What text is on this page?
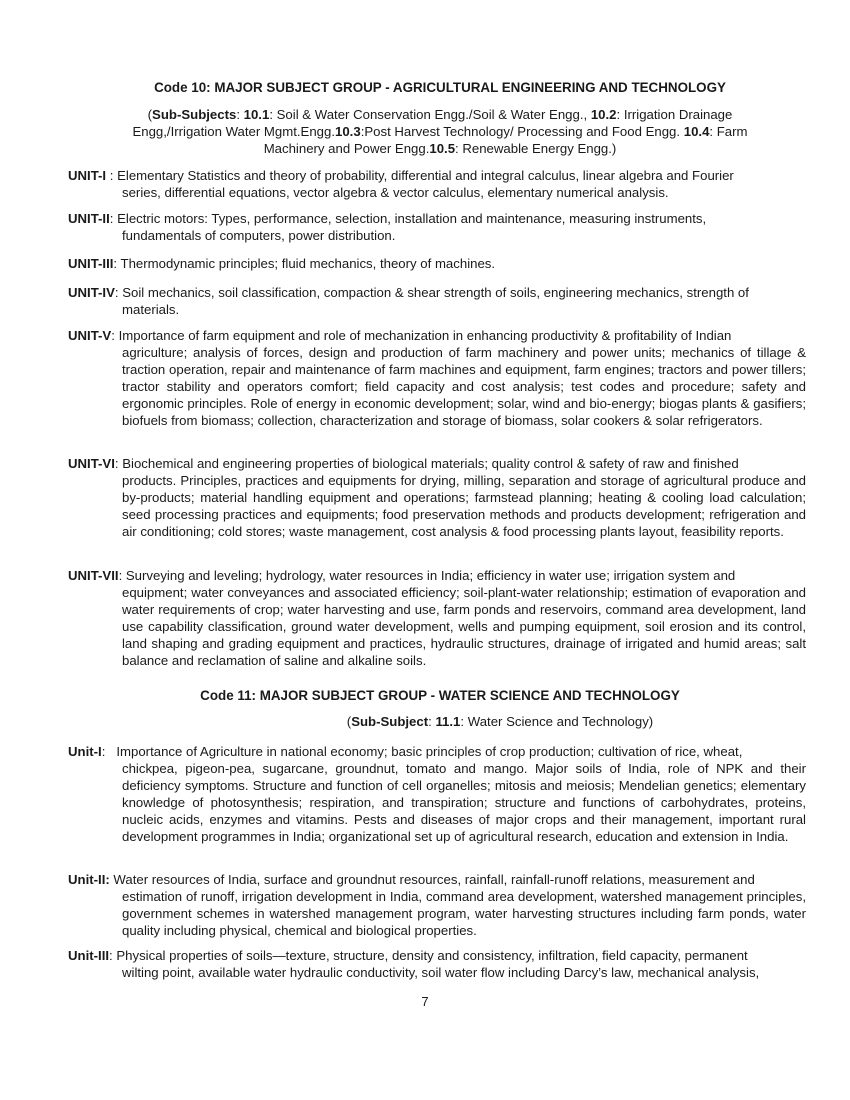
Code 10: MAJOR SUBJECT GROUP - AGRICULTURAL ENGINEERING AND TECHNOLOGY
(Sub-Subjects: 10.1: Soil & Water Conservation Engg./Soil & Water Engg., 10.2: Irrigation Drainage
Engg,/Irrigation Water Mgmt.Engg.10.3:Post Harvest Technology/ Processing and Food Engg. 10.4: Farm
Machinery and Power Engg.10.5: Renewable Energy Engg.)
UNIT-I : Elementary Statistics and theory of probability, differential and integral calculus, linear algebra and Fourier
series, differential equations, vector algebra & vector calculus, elementary numerical analysis.
UNIT-II: Electric motors: Types, performance, selection, installation and maintenance, measuring instruments,
fundamentals of computers, power distribution.
UNIT-III: Thermodynamic principles; fluid mechanics, theory of machines.
UNIT-IV: Soil mechanics, soil classification, compaction & shear strength of soils, engineering mechanics, strength of
materials.
UNIT-V: Importance of farm equipment and role of mechanization in enhancing productivity & profitability of Indian
agriculture; analysis of forces, design and production of farm machinery and power units; mechanics of tillage & traction operation, repair and maintenance of farm machines and equipment, farm engines; tractors and power tillers; tractor stability and operators comfort; field capacity and cost analysis; test codes and procedure; safety and ergonomic principles. Role of energy in economic development; solar, wind and bio-energy; biogas plants & gasifiers; biofuels from biomass; collection, characterization and storage of biomass, solar cookers & solar refrigerators.
UNIT-VI: Biochemical and engineering properties of biological materials; quality control & safety of raw and finished
products. Principles, practices and equipments for drying, milling, separation and storage of agricultural produce and by-products; material handling equipment and operations; farmstead planning; heating & cooling load calculation; seed processing practices and equipments; food preservation methods and products development; refrigeration and air conditioning; cold stores; waste management, cost analysis & food processing plants layout, feasibility reports.
UNIT-VII: Surveying and leveling; hydrology, water resources in India; efficiency in water use; irrigation system and
equipment; water conveyances and associated efficiency; soil-plant-water relationship; estimation of evaporation and water requirements of crop; water harvesting and use, farm ponds and reservoirs, command area development, land use capability classification, ground water development, wells and pumping equipment, soil erosion and its control, land shaping and grading equipment and practices, hydraulic structures, drainage of irrigated and humid areas; salt balance and reclamation of saline and alkaline soils.
Code 11: MAJOR SUBJECT GROUP - WATER SCIENCE AND TECHNOLOGY
(Sub-Subject: 11.1: Water Science and Technology)
Unit-I:   Importance of Agriculture in national economy; basic principles of crop production; cultivation of rice, wheat,
chickpea, pigeon-pea, sugarcane, groundnut, tomato and mango. Major soils of India, role of NPK and their deficiency symptoms. Structure and function of cell organelles; mitosis and meiosis; Mendelian genetics; elementary knowledge of photosynthesis; respiration, and transpiration; structure and functions of carbohydrates, proteins, nucleic acids, enzymes and vitamins. Pests and diseases of major crops and their management, important rural development programmes in India; organizational set up of agricultural research, education and extension in India.
Unit-II: Water resources of India, surface and groundnut resources, rainfall, rainfall-runoff relations, measurement and
estimation of runoff, irrigation development in India, command area development, watershed management principles, government schemes in watershed management program, water harvesting structures including farm ponds, water quality including physical, chemical and biological properties.
Unit-III: Physical properties of soils—texture, structure, density and consistency, infiltration, field capacity, permanent
wilting point, available water hydraulic conductivity, soil water flow including Darcy’s law, mechanical analysis,
7
